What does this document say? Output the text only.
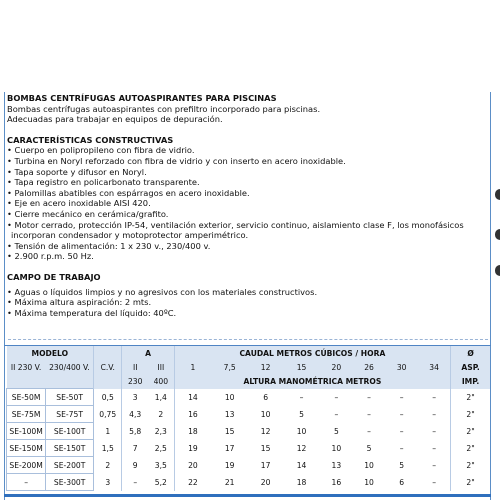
BOMBAS CENTRÍFUGAS AUTOASPIRANTES PARA PISCINAS

Bombas centrífugas autoaspirantes con prefiltro incorporado para piscinas.

Adecuadas para trabajar en equipos de depuración.

CARACTERÍSTICAS CONSTRUCTIVAS

• Cuerpo en polipropileno con fibra de vidrio.

• Turbina en Noryl reforzado con fibra de vidrio y con inserto en acero inoxidable.

• Tapa soporte y difusor en Noryl.

• Tapa registro en policarbonato transparente.

• Palomillas abatibles con espárragos en acero inoxidable.

• Eje en acero inoxidable AISI 420.

• Cierre mecánico en cerámica/grafito.

• Motor cerrado, protección IP-54, ventilación exterior, servicio continuo, aislamiento clase F, los monofásicos

incorporan condensador y motoprotector amperimétrico.

• Tensión de alimentación: 1 x 230 v., 230/400 v.

• 2.900 r.p.m. 50 Hz.

CAMPO DE TRABAJO

• Aguas o líquidos limpios y no agresivos con los materiales constructivos.

• Máxima altura aspiración: 2 mts.

• Máxima temperatura del líquido: 40ºC.

MODELO			A		CAUDAL METROS CÚBICOS / HORA								Ø
II 230 V.	230/400 V.	C.V.	II	III	1	7,5	12	15	20	26	30	34	ASP.
			230	400	ALTURA MANOMÉTRICA METROS								IMP.
SE-50M	SE-50T	0,5	3	1,4	14	10	6	–	–	–	–	–	2"
SE-75M	SE-75T	0,75	4,3	2	16	13	10	5	–	–	–	–	2"
SE-100M	SE-100T	1	5,8	2,3	18	15	12	10	5	–	–	–	2"
SE-150M	SE-150T	1,5	7	2,5	19	17	15	12	10	5	–	–	2"
SE-200M	SE-200T	2	9	3,5	20	19	17	14	13	10	5	–	2"
–	SE-300T	3	–	5,2	22	21	20	18	16	10	6	–	2"
